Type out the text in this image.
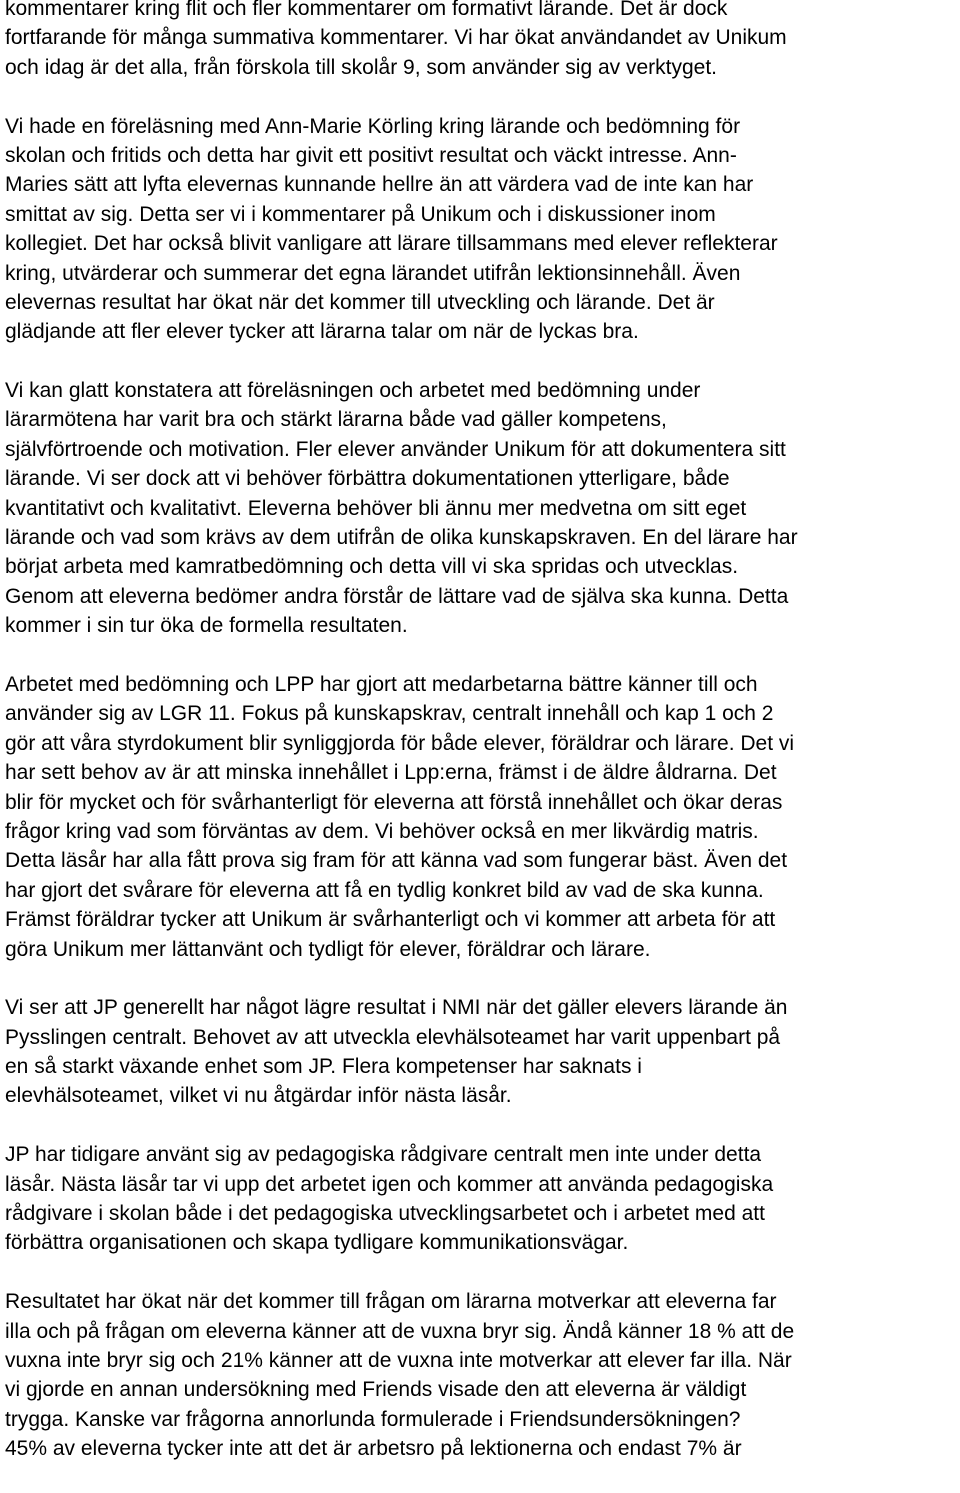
kommentarer kring flit och fler kommentarer om formativt lärande. Det är dock
fortfarande för många summativa kommentarer. Vi har ökat användandet av Unikum
och idag är det alla, från förskola till skolår 9, som använder sig av verktyget.
Vi hade en föreläsning med Ann-Marie Körling kring lärande och bedömning för
skolan och fritids och detta har givit ett positivt resultat och väckt intresse. Ann-
Maries sätt att lyfta elevernas kunnande hellre än att värdera vad de inte kan har
smittat av sig. Detta ser vi i kommentarer på Unikum och i diskussioner inom
kollegiet. Det har också blivit vanligare att lärare tillsammans med elever reflekterar
kring, utvärderar och summerar det egna lärandet utifrån lektionsinnehåll. Även
elevernas resultat har ökat när det kommer till utveckling och lärande. Det är
glädjande att fler elever tycker att lärarna talar om när de lyckas bra.
Vi kan glatt konstatera att föreläsningen och arbetet med bedömning under
lärarmötena har varit bra och stärkt lärarna både vad gäller kompetens,
självförtroende och motivation. Fler elever använder Unikum för att dokumentera sitt
lärande. Vi ser dock att vi behöver förbättra dokumentationen ytterligare, både
kvantitativt och kvalitativt. Eleverna behöver bli ännu mer medvetna om sitt eget
lärande och vad som krävs av dem utifrån de olika kunskapskraven. En del lärare har
börjat arbeta med kamratbedömning och detta vill vi ska spridas och utvecklas.
Genom att eleverna bedömer andra förstår de lättare vad de själva ska kunna. Detta
kommer i sin tur öka de formella resultaten.
Arbetet med bedömning och LPP har gjort att medarbetarna bättre känner till och
använder sig av LGR 11. Fokus på kunskapskrav, centralt innehåll och kap 1 och 2
gör att våra styrdokument blir synliggjorda för både elever, föräldrar och lärare. Det vi
har sett behov av är att minska innehållet i Lpp:erna, främst i de äldre åldrarna. Det
blir för mycket och för svårhanterligt för eleverna att förstå innehållet och ökar deras
frågor kring vad som förväntas av dem. Vi behöver också en mer likvärdig matris.
Detta läsår har alla fått prova sig fram för att känna vad som fungerar bäst. Även det
har gjort det svårare för eleverna att få en tydlig konkret bild av vad de ska kunna.
Främst föräldrar tycker att Unikum är svårhanterligt och vi kommer att arbeta för att
göra Unikum mer lättanvänt och tydligt för elever, föräldrar och lärare.
Vi ser att JP generellt har något lägre resultat i NMI när det gäller elevers lärande än
Pysslingen centralt. Behovet av att utveckla elevhälsoteamet har varit uppenbart på
en så starkt växande enhet som JP. Flera kompetenser har saknats i
elevhälsoteamet, vilket vi nu åtgärdar inför nästa läsår.
JP har tidigare använt sig av pedagogiska rådgivare centralt men inte under detta
läsår. Nästa läsår tar vi upp det arbetet igen och kommer att använda pedagogiska
rådgivare i skolan både i det pedagogiska utvecklingsarbetet och i arbetet med att
förbättra organisationen och skapa tydligare kommunikationsvägar.
Resultatet har ökat när det kommer till frågan om lärarna motverkar att eleverna far
illa och på frågan om eleverna känner att de vuxna bryr sig. Ändå känner 18 % att de
vuxna inte bryr sig och 21% känner att de vuxna inte motverkar att elever far illa. När
vi gjorde en annan undersökning med Friends visade den att eleverna är väldigt
trygga. Kanske var frågorna annorlunda formulerade i Friendsundersökningen?
45% av eleverna tycker inte att det är arbetsro på lektionerna och endast 7% är
